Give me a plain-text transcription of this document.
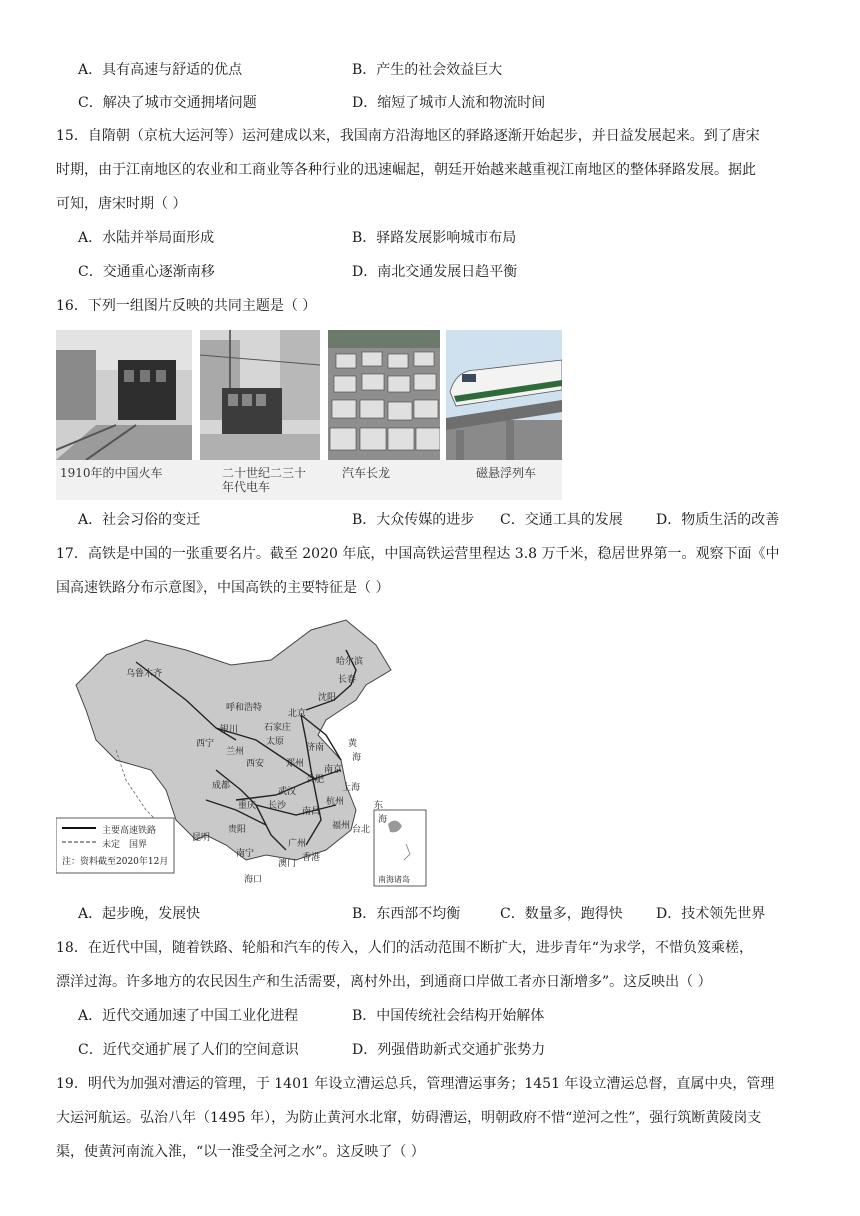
A．具有高速与舒适的优点	B．产生的社会效益巨大
C．解决了城市交通拥堵问题	D．缩短了城市人流和物流时间
15．自隋朝（京杭大运河等）运河建成以来，我国南方沿海地区的驿路逐渐开始起步，并日益发展起来。到了唐宋
时期，由于江南地区的农业和工商业等各种行业的迅速崛起，朝廷开始越来越重视江南地区的整体驿路发展。据此
可知，唐宋时期（ ）
A．水陆并举局面形成	B．驿路发展影响城市布局
C．交通重心逐渐南移	D．南北交通发展日趋平衡
16．下列一组图片反映的共同主题是（ ）
1910年的中国火车	二十世纪二三十年代电车
汽车长龙	磁悬浮列车
A．社会习俗的变迁	B．大众传媒的进步 C．交通工具的发展 D．物质生活的改善
17．高铁是中国的一张重要名片。截至 2020 年底，中国高铁运营里程达 3.8 万千米，稳居世界第一。观察下面《中
国高速铁路分布示意图》，中国高铁的主要特征是（ ）
乌鲁木齐
哈尔滨
长春
沈阳
呼和浩特
北京
石家庄
银川
太原
济南
西宁
兰州
西安 郑州
成都
合肥
南京
上海
武汉
杭州
重庆 长沙
南昌
福州
贵阳	台北
昆明
南宁
广州
香港
澳门
海口
黄
海
东
海
南海诸岛
主要高速铁路
未定　国界
注：资料截至2020年12月
A．起步晚，发展快	B．东西部不均衡	C．数量多，跑得快 D．技术领先世界
18．在近代中国，随着铁路、轮船和汽车的传入，人们的活动范围不断扩大，进步青年“为求学，不惜负笈乘槎，
漂洋过海。许多地方的农民因生产和生活需要，离村外出，到通商口岸做工者亦日渐增多”。这反映出（ ）
A．近代交通加速了中国工业化进程	B．中国传统社会结构开始解体
C．近代交通扩展了人们的空间意识	D．列强借助新式交通扩张势力
19．明代为加强对漕运的管理，于 1401 年设立漕运总兵，管理漕运事务；1451 年设立漕运总督，直属中央，管理
大运河航运。弘治八年（1495 年），为防止黄河水北窜，妨碍漕运，明朝政府不惜“逆河之性”，强行筑断黄陵岗支
渠，使黄河南流入淮，“以一淮受全河之水”。这反映了（ ）
